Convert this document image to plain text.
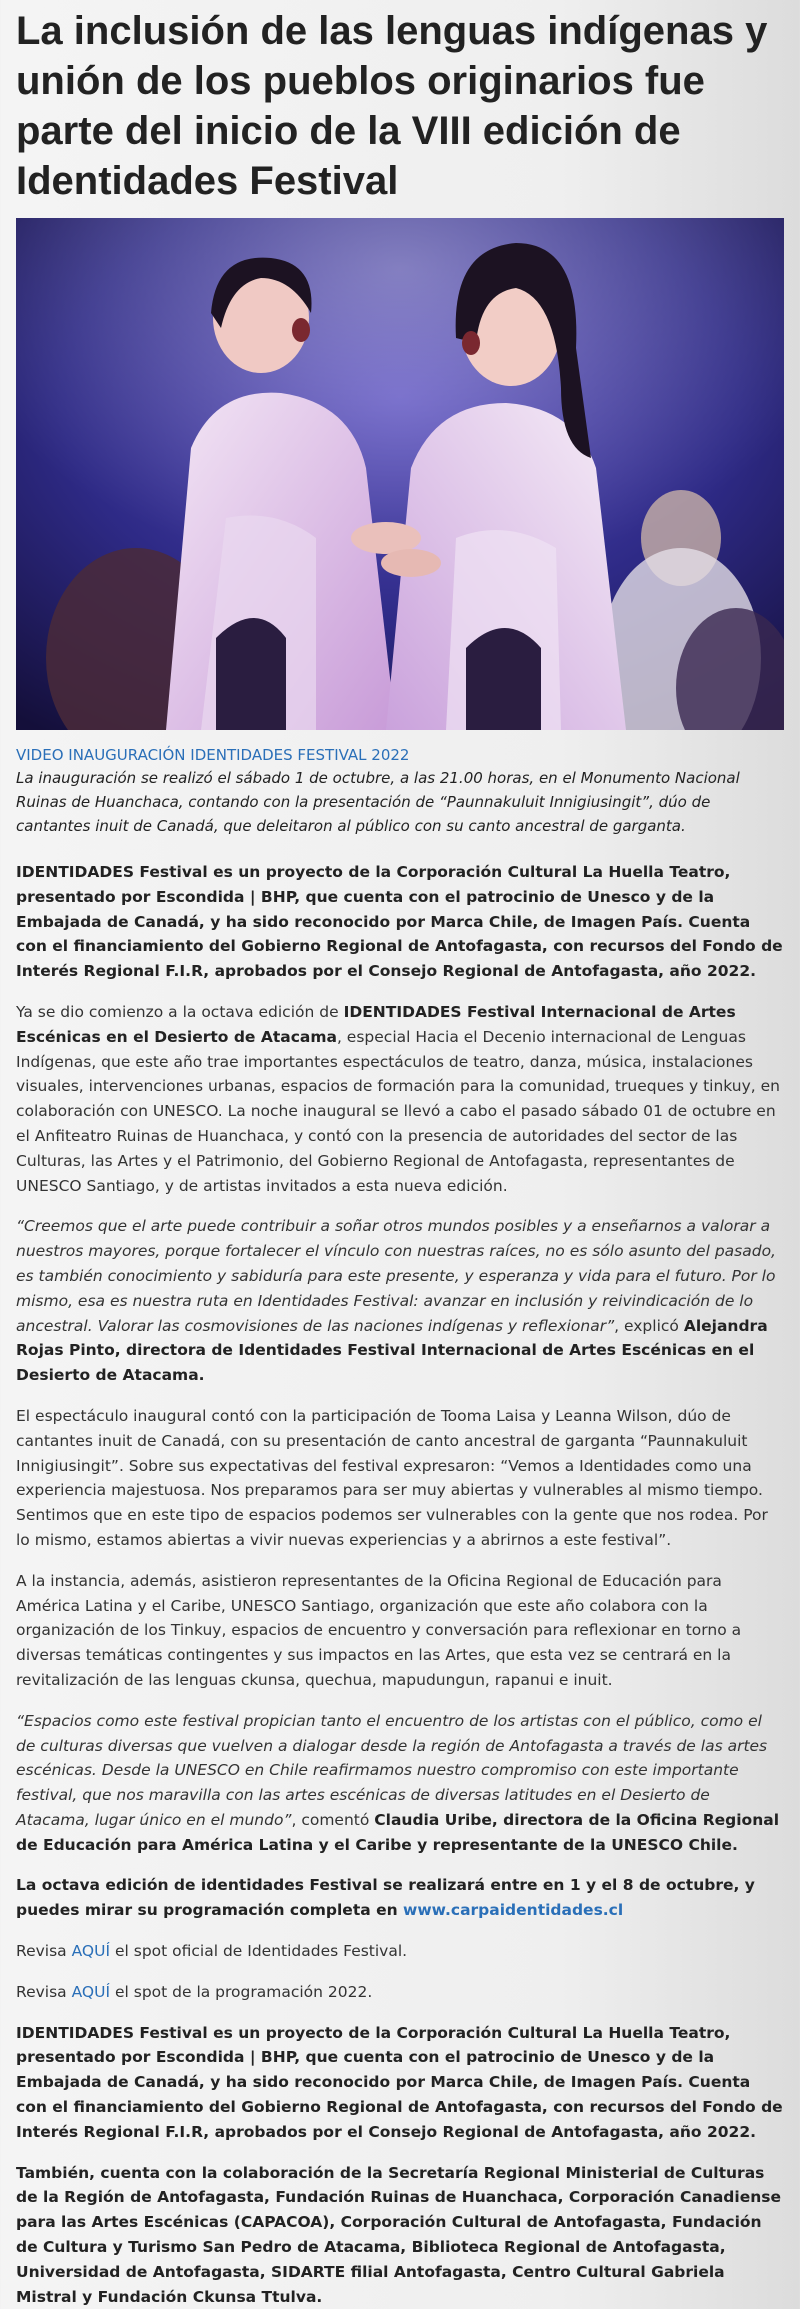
La inclusión de las lenguas indígenas y unión de los pueblos originarios fue parte del inicio de la VIII edición de Identidades Festival
VIDEO INAUGURACIÓN IDENTIDADES FESTIVAL 2022

La inauguración se realizó el sábado 1 de octubre, a las 21.00 horas, en el Monumento Nacional Ruinas de Huanchaca, contando con la presentación de “Paunnakuluit Innigiusingit”, dúo de cantantes inuit de Canadá, que deleitaron al público con su canto ancestral de garganta.

IDENTIDADES Festival es un proyecto de la Corporación Cultural La Huella Teatro, presentado por Escondida | BHP, que cuenta con el patrocinio de Unesco y de la Embajada de Canadá, y ha sido reconocido por Marca Chile, de Imagen País. Cuenta con el financiamiento del Gobierno Regional de Antofagasta, con recursos del Fondo de Interés Regional F.I.R, aprobados por el Consejo Regional de Antofagasta, año 2022.

Ya se dio comienzo a la octava edición de IDENTIDADES Festival Internacional de Artes Escénicas en el Desierto de Atacama, especial Hacia el Decenio internacional de Lenguas Indígenas, que este año trae importantes espectáculos de teatro, danza, música, instalaciones visuales, intervenciones urbanas, espacios de formación para la comunidad, trueques y tinkuy, en colaboración con UNESCO. La noche inaugural se llevó a cabo el pasado sábado 01 de octubre en el Anfiteatro Ruinas de Huanchaca, y contó con la presencia de autoridades del sector de las Culturas, las Artes y el Patrimonio, del Gobierno Regional de Antofagasta, representantes de UNESCO Santiago, y de artistas invitados a esta nueva edición.

“Creemos que el arte puede contribuir a soñar otros mundos posibles y a enseñarnos a valorar a nuestros mayores, porque fortalecer el vínculo con nuestras raíces, no es sólo asunto del pasado, es también conocimiento y sabiduría para este presente, y esperanza y vida para el futuro. Por lo mismo, esa es nuestra ruta en Identidades Festival: avanzar en inclusión y reivindicación de lo ancestral. Valorar las cosmovisiones de las naciones indígenas y reflexionar”, explicó Alejandra Rojas Pinto, directora de Identidades Festival Internacional de Artes Escénicas en el Desierto de Atacama.

El espectáculo inaugural contó con la participación de Tooma Laisa y Leanna Wilson, dúo de cantantes inuit de Canadá, con su presentación de canto ancestral de garganta “Paunnakuluit Innigiusingit”. Sobre sus expectativas del festival expresaron: “Vemos a Identidades como una experiencia majestuosa. Nos preparamos para ser muy abiertas y vulnerables al mismo tiempo. Sentimos que en este tipo de espacios podemos ser vulnerables con la gente que nos rodea. Por lo mismo, estamos abiertas a vivir nuevas experiencias y a abrirnos a este festival”.

A la instancia, además, asistieron representantes de la Oficina Regional de Educación para América Latina y el Caribe, UNESCO Santiago, organización que este año colabora con la organización de los Tinkuy, espacios de encuentro y conversación para reflexionar en torno a diversas temáticas contingentes y sus impactos en las Artes, que esta vez se centrará en la revitalización de las lenguas ckunsa, quechua, mapudungun, rapanui e inuit.

“Espacios como este festival propician tanto el encuentro de los artistas con el público, como el de culturas diversas que vuelven a dialogar desde la región de Antofagasta a través de las artes escénicas. Desde la UNESCO en Chile reafirmamos nuestro compromiso con este importante festival, que nos maravilla con las artes escénicas de diversas latitudes en el Desierto de Atacama, lugar único en el mundo”, comentó Claudia Uribe, directora de la Oficina Regional de Educación para América Latina y el Caribe y representante de la UNESCO Chile.

La octava edición de identidades Festival se realizará entre en 1 y el 8 de octubre, y puedes mirar su programación completa en www.carpaidentidades.cl

Revisa AQUÍ el spot oficial de Identidades Festival.

Revisa AQUÍ el spot de la programación 2022.

IDENTIDADES Festival es un proyecto de la Corporación Cultural La Huella Teatro, presentado por Escondida | BHP, que cuenta con el patrocinio de Unesco y de la Embajada de Canadá, y ha sido reconocido por Marca Chile, de Imagen País. Cuenta con el financiamiento del Gobierno Regional de Antofagasta, con recursos del Fondo de Interés Regional F.I.R, aprobados por el Consejo Regional de Antofagasta, año 2022.

También, cuenta con la colaboración de la Secretaría Regional Ministerial de Culturas de la Región de Antofagasta, Fundación Ruinas de Huanchaca, Corporación Canadiense para las Artes Escénicas (CAPACOA), Corporación Cultural de Antofagasta, Fundación de Cultura y Turismo San Pedro de Atacama, Biblioteca Regional de Antofagasta, Universidad de Antofagasta, SIDARTE filial Antofagasta, Centro Cultural Gabriela Mistral y Fundación Ckunsa Ttulva.
